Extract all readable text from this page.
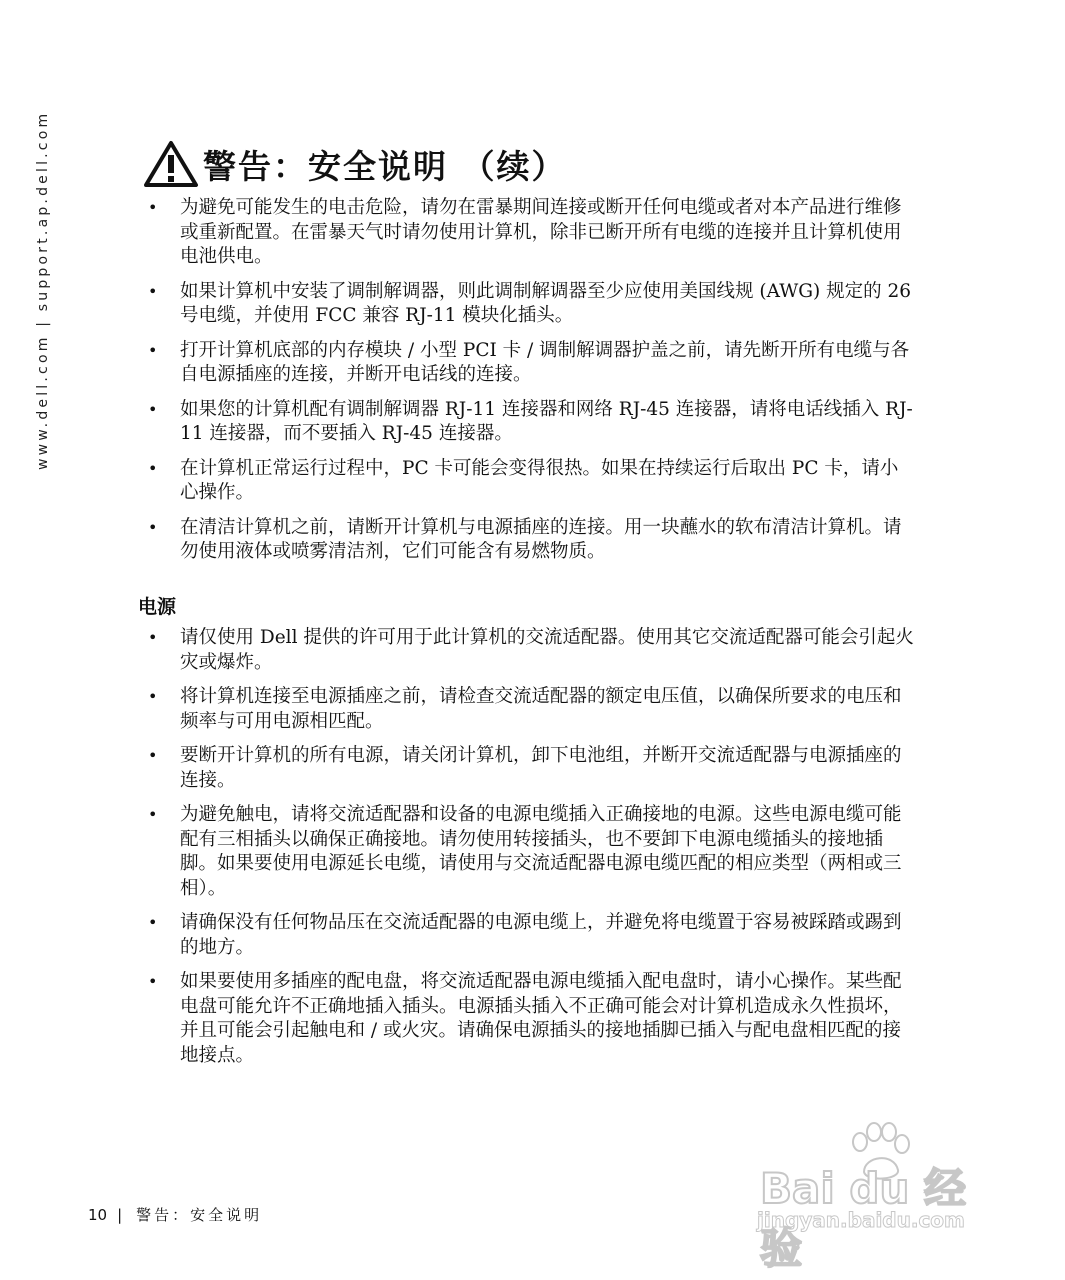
www.dell.com | support.ap.dell.com	警告：安全说明 （续）
• 为避免可能发生的电击危险，请勿在雷暴期间连接或断开任何电缆或者对本产品进行维修或重新配置。在雷暴天气时请勿使用计算机，除非已断开所有电缆的连接并且计算机使用电池供电。
• 如果计算机中安装了调制解调器，则此调制解调器至少应使用美国线规 (AWG) 规定的 26 号电缆，并使用 FCC 兼容 RJ-11 模块化插头。
• 打开计算机底部的内存模块 / 小型 PCI 卡 / 调制解调器护盖之前，请先断开所有电缆与各自电源插座的连接，并断开电话线的连接。
• 如果您的计算机配有调制解调器 RJ-11 连接器和网络 RJ-45 连接器，请将电话线插入 RJ-11 连接器，而不要插入 RJ-45 连接器。
• 在计算机正常运行过程中，PC 卡可能会变得很热。如果在持续运行后取出 PC 卡，请小心操作。
• 在清洁计算机之前，请断开计算机与电源插座的连接。用一块蘸水的软布清洁计算机。请勿使用液体或喷雾清洁剂，它们可能含有易燃物质。
电源
• 请仅使用 Dell 提供的许可用于此计算机的交流适配器。使用其它交流适配器可能会引起火灾或爆炸。
• 将计算机连接至电源插座之前，请检查交流适配器的额定电压值，以确保所要求的电压和频率与可用电源相匹配。
• 要断开计算机的所有电源，请关闭计算机，卸下电池组，并断开交流适配器与电源插座的连接。
• 为避免触电，请将交流适配器和设备的电源电缆插入正确接地的电源。这些电源电缆可能配有三相插头以确保正确接地。请勿使用转接插头，也不要卸下电源电缆插头的接地插脚。如果要使用电源延长电缆，请使用与交流适配器电源电缆匹配的相应类型（两相或三相）。
• 请确保没有任何物品压在交流适配器的电源电缆上，并避免将电缆置于容易被踩踏或踢到的地方。
• 如果要使用多插座的配电盘，将交流适配器电源电缆插入配电盘时，请小心操作。某些配电盘可能允许不正确地插入插头。电源插头插入不正确可能会对计算机造成永久性损坏，并且可能会引起触电和 / 或火灾。请确保电源插头的接地插脚已插入与配电盘相匹配的接地接点。
10 | 警告：安全说明
Bai du 经验
jingyan.baidu.com
